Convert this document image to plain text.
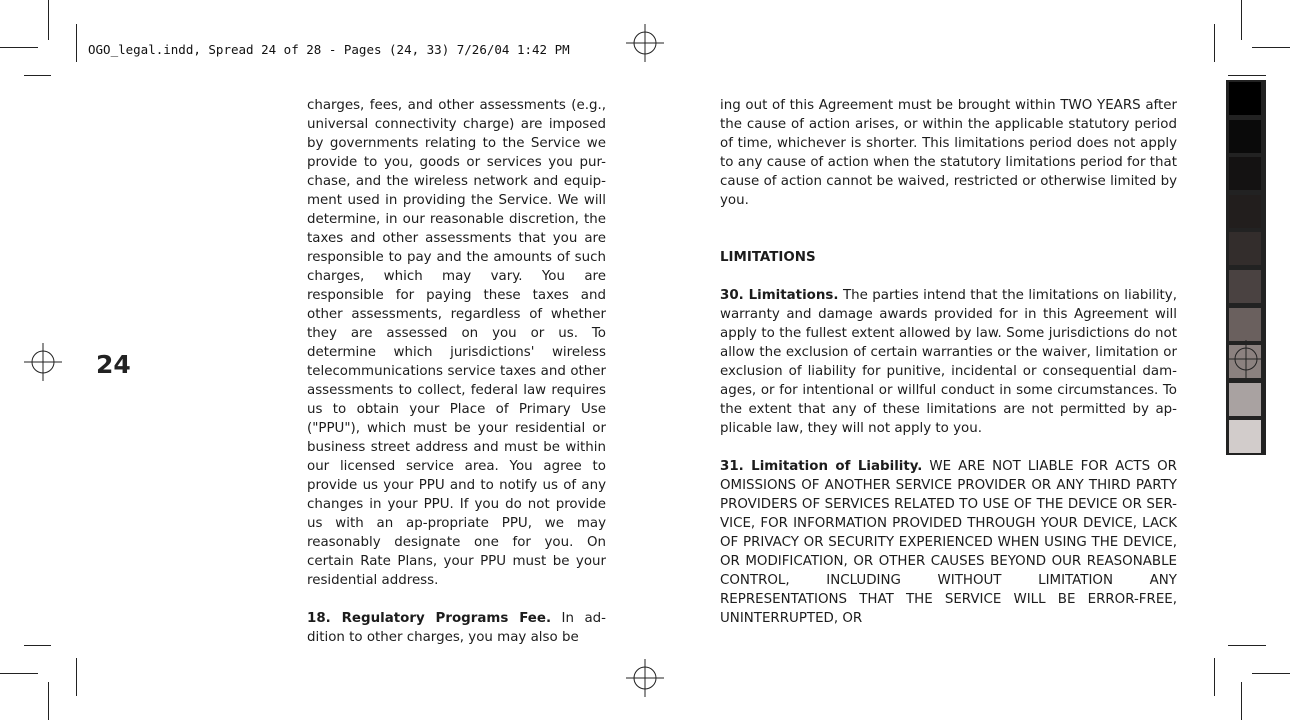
OGO_legal.indd, Spread 24 of 28 - Pages (24, 33) 7/26/04 1:42 PM
24

charges, fees, and other assessments (e.g., universal connectivity charge) are imposed by governments relating to the Service we provide to you, goods or services you pur-chase, and the wireless network and equip-ment used in providing the Service. We will determine, in our reasonable discretion, the taxes and other assessments that you are responsible to pay and the amounts of such charges, which may vary. You are responsible for paying these taxes and other assessments, regardless of whether they are assessed on you or us. To determine which jurisdictions' wireless telecommunications service taxes and other assessments to collect, federal law requires us to obtain your Place of Primary Use ("PPU"), which must be your residential or business street address and must be within our licensed service area. You agree to provide us your PPU and to notify us of any changes in your PPU. If you do not provide us with an ap-propriate PPU, we may reasonably designate one for you. On certain Rate Plans, your PPU must be your residential address.

18. Regulatory Programs Fee. In ad-dition to other charges, you may also be

ing out of this Agreement must be brought within TWO YEARS after the cause of action arises, or within the applicable statutory period of time, whichever is shorter. This limitations period does not apply to any cause of action when the statutory limitations period for that cause of action cannot be waived, restricted or otherwise limited by you.

LIMITATIONS

30. Limitations. The parties intend that the limitations on liability, warranty and damage awards provided for in this Agreement will apply to the fullest extent allowed by law. Some jurisdictions do not allow the exclusion of certain warranties or the waiver, limitation or exclusion of liability for punitive, incidental or consequential dam-ages, or for intentional or willful conduct in some circumstances. To the extent that any of these limitations are not permitted by ap-plicable law, they will not apply to you.

31. Limitation of Liability. WE ARE NOT LIABLE FOR ACTS OR OMISSIONS OF ANOTHER SERVICE PROVIDER OR ANY THIRD PARTY PROVIDERS OF SERVICES RELATED TO USE OF THE DEVICE OR SER-VICE, FOR INFORMATION PROVIDED THROUGH YOUR DEVICE, LACK OF PRIVACY OR SECURITY EXPERIENCED WHEN USING THE DEVICE, OR MODIFICATION, OR OTHER CAUSES BEYOND OUR REASONABLE CONTROL, INCLUDING WITHOUT LIMITATION ANY REPRESENTATIONS THAT THE SERVICE WILL BE ERROR-FREE, UNINTERRUPTED, OR
